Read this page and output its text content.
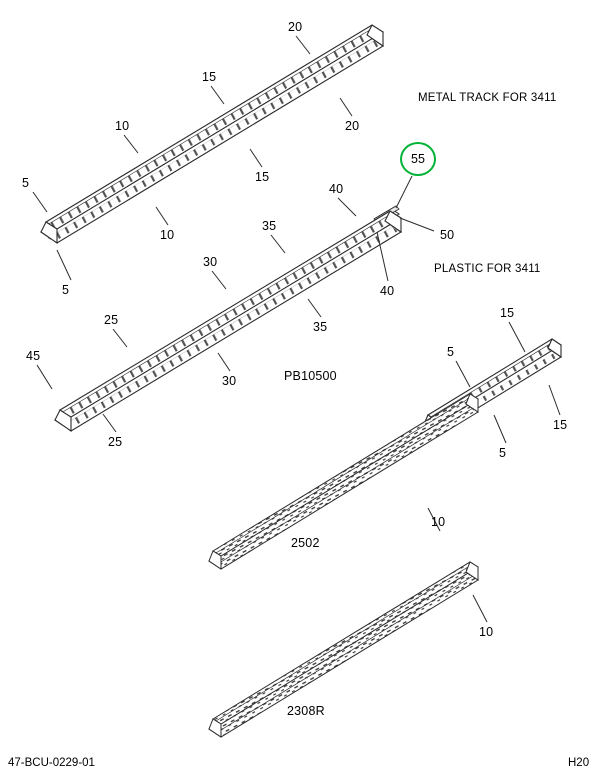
55
20
15
20
10
15
5	40
10
35
50
5
30
40
35
25	15
45	5
30
15
25
5
10
10
METAL TRACK FOR 3411
PLASTIC FOR 3411
PB10500
2502
2308R
47-BCU-0229-01	H20
